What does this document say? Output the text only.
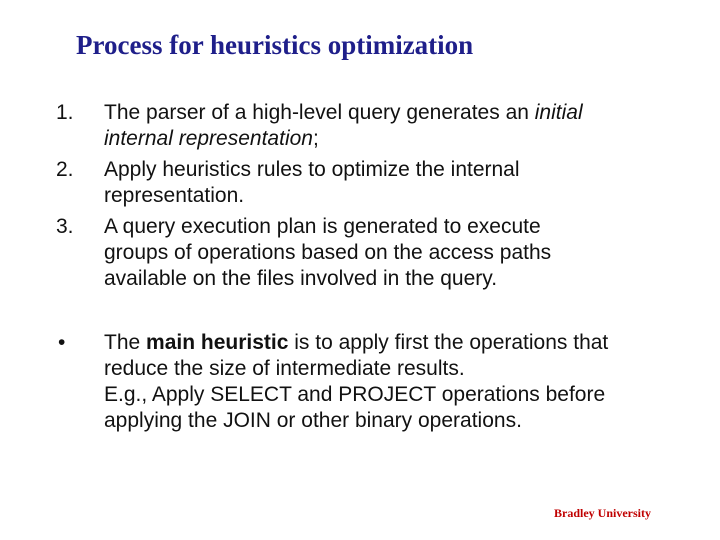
Process for heuristics optimization
1.	The parser of a high-level query generates an initial
internal representation;
2.	Apply heuristics rules to optimize the internal
representation.
3.	A query execution plan is generated to execute
groups of operations based on the access paths
available on the files involved in the query.
•	The main heuristic is to apply first the operations that
reduce the size of intermediate results.
E.g., Apply SELECT and PROJECT operations before
applying the JOIN or other binary operations.
Bradley University
